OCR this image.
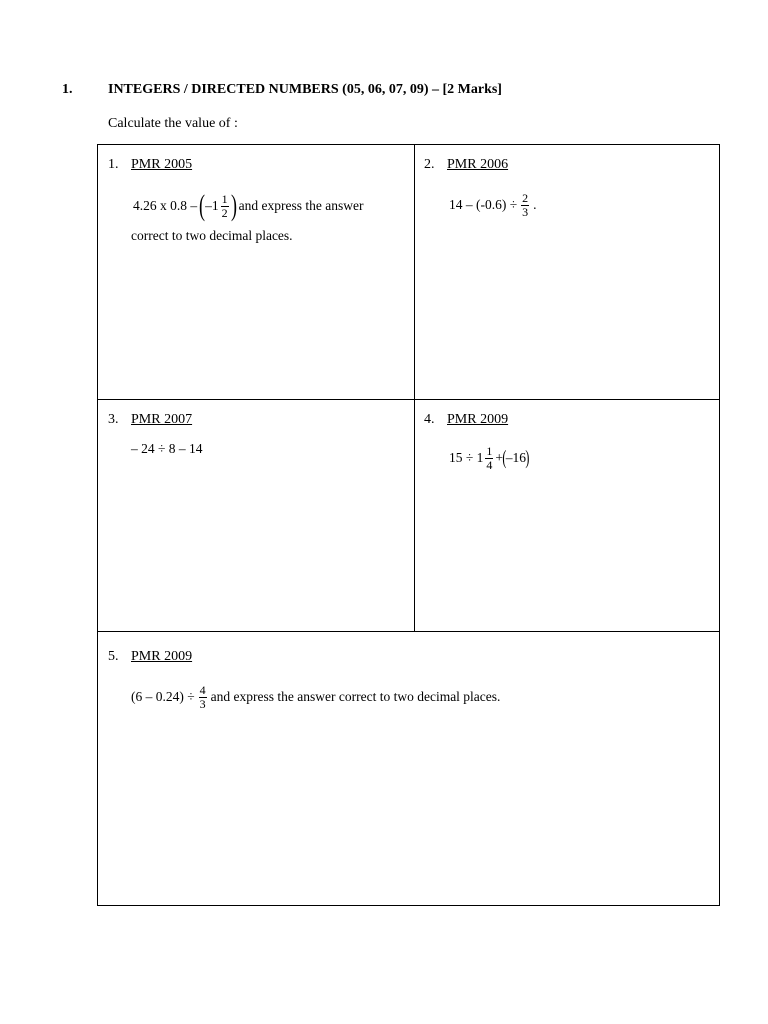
1.	INTEGERS / DIRECTED NUMBERS (05, 06, 07, 09) – [2 Marks]
Calculate the value of :
1. PMR 2005
4.26 x 0.8 – ( $-1 \frac{1}{2}$ ) and express the answer
correct to two decimal places.
2. PMR 2006
$14 - (-0.6) \div \frac{2}{3}$ .
3. PMR 2007
– 24 ÷ 8 – 14
4. PMR 2009
$15 \div 1 \frac{1}{4}$ + ( –16 )
5. PMR 2009
$(6 - 0.24) \div \frac{4}{3}$ and express the answer correct to two decimal places.
